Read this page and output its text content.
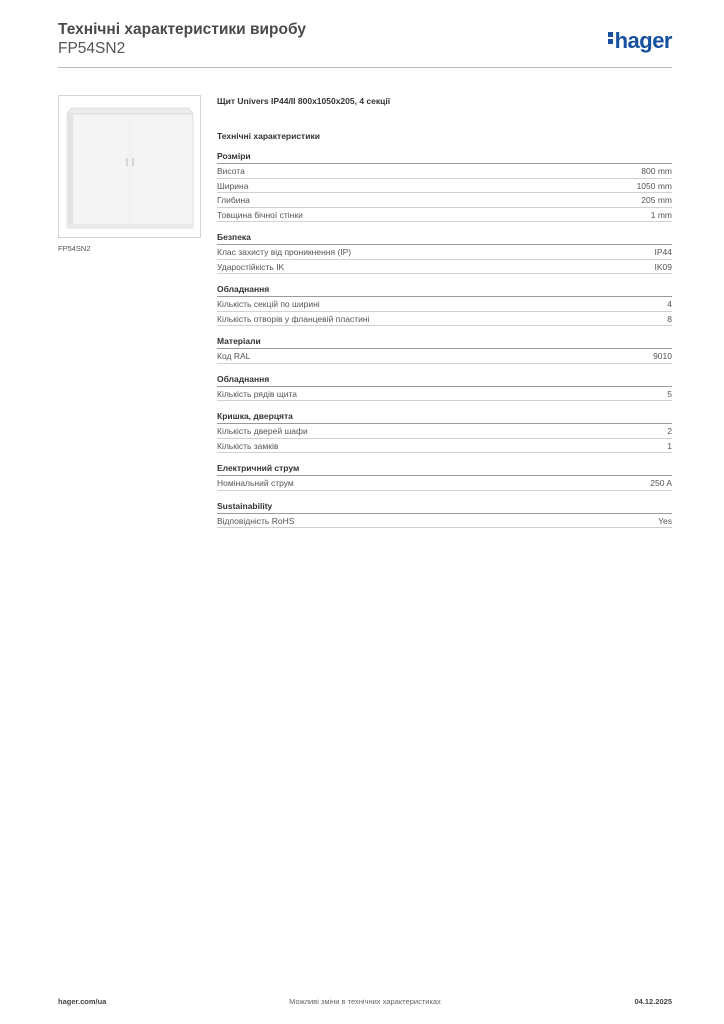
Технічні характеристики виробу
FP54SN2	hager
FP54SN2
Щит Univers IP44/II 800x1050x205, 4 секції
Технічні характеристики
Розміри
Висота	800 mm
Ширина	1050 mm
Глибина	205 mm
Товщина бічної стінки	1 mm
Безпека
Клас захисту від проникнення (IP)	IP44
Ударостійкість IK	IK09
Обладнання
Кількість секцій по ширині	4
Кількість отворів у фланцевій пластині	8
Матеріали
Код RAL	9010
Обладнання
Кількість рядів щита	5
Кришка, дверцята
Кількість дверей шафи	2
Кількість замків	1
Електричний струм
Номінальний струм	250 A
Sustainability
Відповідність RoHS	Yes
Можливі зміни в технічних характеристиках
hager.com/ua	04.12.2025
